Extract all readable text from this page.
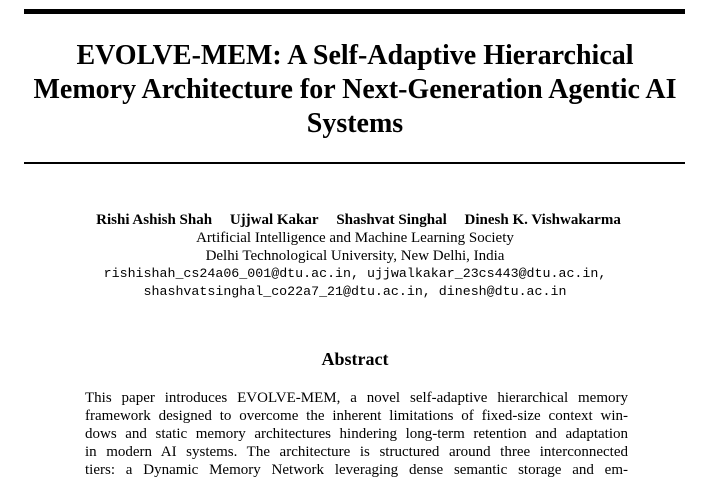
EVOLVE-MEM: A Self-Adaptive Hierarchical
Memory Architecture for Next-Generation Agentic AI
Systems
Rishi Ashish Shah Ujjwal Kakar Shashvat Singhal Dinesh K. Vishwakarma
Artificial Intelligence and Machine Learning Society
Delhi Technological University, New Delhi, India
rishishah_cs24a06_001@dtu.ac.in, ujjwalkakar_23cs443@dtu.ac.in,
shashvatsinghal_co22a7_21@dtu.ac.in, dinesh@dtu.ac.in
Abstract
This paper introduces EVOLVE-MEM, a novel self-adaptive hierarchical memory
framework designed to overcome the inherent limitations of fixed-size context win-
dows and static memory architectures hindering long-term retention and adaptation
in modern AI systems. The architecture is structured around three interconnected
tiers: a Dynamic Memory Network leveraging dense semantic storage and em-
